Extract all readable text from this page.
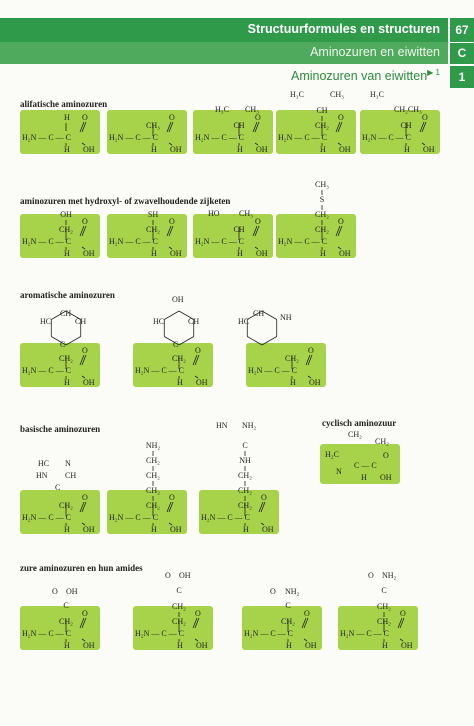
Structuurformules en structuren
Aminozuren en eiwitten
Aminozuren van eiwitten$^{▶ 1}$
67
C
1
alifatische aminozuren
aminozuren met hydroxyl- of zwavelhoudende zijketen
aromatische aminozuren
basische aminozuren
cyclisch aminozuur
zure aminozuren en hun amides
H₂N — C — C
H
O
OH
H
H₂N — C — C
H
O
OH
CH₃
H₂N — C — C
H
O
OH
CH
H₃C CH₃
H₂N — C — C
H
O
OH
CH₂
CH
H₃C	CH₃
H₂N — C — C
H
O
OH
CH
H₃C
CH₂CH₃
H₂N — C — C
H
O
OH
CH₂
OH
H₂N — C — C
H
O
OH
CH₂
SH
H₂N — C — C
H
O
OH
CH
HO CH₃
H₂N — C — C
H
O
OH
CH₂
CH₂
S
CH₃
H₂N — C — C
H
O
OH
CH₂
HC	CH
CH
C
H₂N — C — C
H
O
OH
CH₂
OH
HC	CH
C
H₂N — C — C
H
O
OH
CH₂
NH
HC
CH
H₂N — C — C
H
O
OH
CH₂
HC N
HN CH
C
H₂N — C — C
H
O
OH
CH₂
CH₂
CH₂
CH₂
NH₂
H₂N — C — C
H
O
OH
CH₂
CH₂
CH₂
NH
C
HN NH₂
CH₂
CH₂
H₂C
N
C — C
H
O
OH
H₂N — C — C
H
O
OH
CH₂
O OH
C
H₂N — C — C
H
O
OH
CH₂
CH₂
O OH
C
H₂N — C — C
H
O
OH
CH₂
O NH₂
C
H₂N — C — C
H
O
OH
CH₂
CH₂
O NH₂
C
